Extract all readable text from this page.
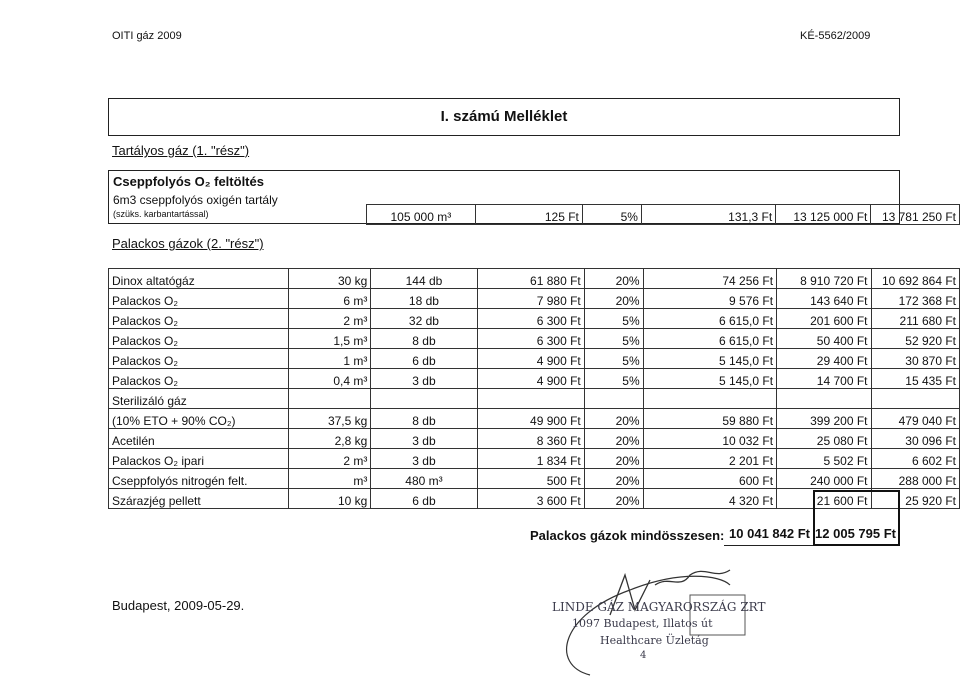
OITI gáz 2009	KÉ-5562/2009
I. számú Melléklet
Tartályos gáz (1. "rész")
Cseppfolyós O₂ feltöltés
6m3 cseppfolyós oxigén tartály
(szüks. karbantartással)	105 000 m³	125 Ft	5%	131,3 Ft	13 125 000 Ft	13 781 250 Ft
Palackos gázok (2. "rész")
Dinox altatógáz	30 kg	144 db	61 880 Ft	20%	74 256 Ft	8 910 720 Ft	10 692 864 Ft
Palackos O₂	6 m³	18 db	7 980 Ft	20%	9 576 Ft	143 640 Ft	172 368 Ft
Palackos O₂	2 m³	32 db	6 300 Ft	5%	6 615,0 Ft	201 600 Ft	211 680 Ft
Palackos O₂	1,5 m³	8 db	6 300 Ft	5%	6 615,0 Ft	50 400 Ft	52 920 Ft
Palackos O₂	1 m³	6 db	4 900 Ft	5%	5 145,0 Ft	29 400 Ft	30 870 Ft
Palackos O₂	0,4 m³	3 db	4 900 Ft	5%	5 145,0 Ft	14 700 Ft	15 435 Ft
Sterilizáló gáz							
(10% ETO + 90% CO₂)	37,5 kg	8 db	49 900 Ft	20%	59 880 Ft	399 200 Ft	479 040 Ft
Acetilén	2,8 kg	3 db	8 360 Ft	20%	10 032 Ft	25 080 Ft	30 096 Ft
Palackos O₂ ipari	2 m³	3 db	1 834 Ft	20%	2 201 Ft	5 502 Ft	6 602 Ft
Cseppfolyós nitrogén felt.	m³	480 m³	500 Ft	20%	600 Ft	240 000 Ft	288 000 Ft
Szárazjég pellett	10 kg	6 db	3 600 Ft	20%	4 320 Ft	21 600 Ft	25 920 Ft
Palackos gázok mindösszesen: 10 041 842 Ft 12 005 795 Ft
Budapest, 2009-05-29.	LINDE GÁZ MAGYARORSZÁG ZRT
1097 Budapest, Illatos út
Healthcare Üzletág
4
